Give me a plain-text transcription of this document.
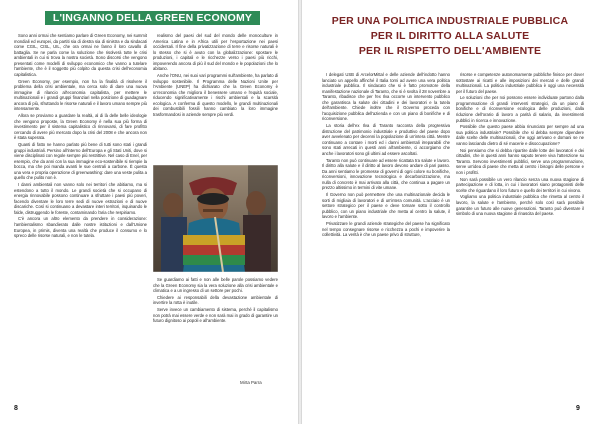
L'INGANNO DELLA GREEN ECONOMY

Sono anni ormai che sentiamo parlare di Green Economy, nei summit mondiali ed europei, da partiti sia di destra sia di sinistra e da sindacati come CGIL, CISL, UIL, che ora ormai ne fanno il loro cavallo di battaglia. Se ne parla come la soluzione che risolverà tutte le crisi ambientali in cui si trova la nostra società. Sono discorsi che vengono presentati come modelli di sviluppo economico che vanno a tutelare l'ambiente, che è il soggetto più colpito da questa crisi dell'economia capitalistica.

Green Economy, per esempio, non ha la finalità di risolvere il problema della crisi ambientale, ma cerca solo di dare una nuova immagine di rilancio all'economia capitalista, per mettere le multinazionali e i grandi gruppi finanziari nella posizione di guadagnare ancora di più, sfruttando le risorse naturali e il lavoro umano sempre più intensamente.

Allora se proviamo a guardare la realtà, al di là delle belle ideologie che vengono proposte, la Green Economy è nella sua più forma di investimento per il sistema capitalistico di rinnovarsi, di fare profitto cercando di avere più mercato dopo la crisi del 2008 e che ancora non è stata superata.

Quanti di fatto ne hanno parlato più bene di tutti sono stati i grandi gruppi industriali. Persino all'interno dell'Europa e gli Stati Uniti, dove si viene disciplinati con regole sempre più restrittive. Nel caso di Enel, per esempio, che da anni con la sua immagine eco-sostenibile si riempie la bocca, ma che poi manda avanti le sue centrali a carbone. È questa una vera e propria operazione di greenwashing: dare una veste pulita a quello che pulito non è.

I danni ambientali non vanno solo nei territori che abitiamo, ma si estendono a tutto il mondo. Le grandi società che si occupano di energia rinnovabile possono continuare a sfruttare i paesi più poveri, facendo diventare le loro terre sedi di nuove estrazioni e di nuove discariche. Così si continuano a devastare interi territori, inquinando le falde, distruggendo le foreste, contaminando l'aria che respiriamo.

C'è ancora un altro elemento da prendere in considerazione: l'ambientalismo sbandierato dalle nostre istituzioni e dall'Unione Europea, in primis, diventa una realtà che produce il consumo e lo spreco delle risorse naturali, e non le tutela.

realismo del paesi del sud del mondo delle monoculture in America Latina e in Africa utili per l'esportazione nei paesi occidentali. Il fine della privatizzazione di terre e risorse naturali è lo stesso che si è avuto con la globalizzazione: spostare le produzioni, i capitali e le ricchezze verso i paesi più ricchi, impoverendo ancora di più il sud del mondo e le popolazioni che lo abitano.

Anche l'ONU, nei suoi vari programmi sull'ambiente, ha parlato di sviluppo sostenibile. Il Programma delle Nazioni Unite per l'Ambiente (UNEP) ha dichiarato che la Green Economy è un'economia che migliora il benessere umano e l'equità sociale, riducendo significativamente i rischi ambientali e la scarsità ecologica. A conferma di questo modello, le grandi multinazionali dei combustibili fossili hanno cambiato la loro immagine trasformandosi in aziende sempre più verdi.

Se guardiamo ai fatti e non alle belle parole possiamo vedere che la Green Economy sia la vera soluzione alla crisi ambientale e climatica e a un ingresso di un settore per pochi.

Chiedere ai responsabili della devastazione ambientale di invertire la rotta è inutile.

Serve invece un cambiamento di sistema, perché il capitalismo non potrà mai essere verde e non sarà mai in grado di garantire un futuro dignitoso ai popoli e all'ambiente.

Mirta Parra
8
PER UNA POLITICA INDUSTRIALE PUBBLICA
PER IL DIRITTO ALLA SALUTE
PER IL RISPETTO DELL'AMBIENTE

I delegati USB di ArcelorMittal e delle aziende dell'indotto hanno lanciato un appello affinché il Italia torni ad avere una vera politica industriale pubblica. Il sindacato che si è fatto promotore della manifestazione nazionale di Taranto, che si è svolta il 28 novembre a Taranto, ribadisce che per l'ex Ilva occorre un intervento pubblico che garantisca la salute dei cittadini e dei lavoratori e la tutela dell'ambiente. Chiede inoltre che il Governo proceda con l'acquisizione pubblica dell'azienda e con un piano di bonifiche e di riconversione.

La storia dell'ex Ilva di Taranto racconta della progressiva distruzione del patrimonio industriale e produttivo del paese dopo aver avvelenato per decenni la popolazione di un'intera città. Mentre continuano a contare i morti ed i danni ambientali irreparabili che sono stati arrecati in questi anni all'ambiente, ci accorgiamo che anche i lavoratori sono gli ultimi ad essere ascoltati.

Taranto non può continuare ad essere ricattata tra salute e lavoro. Il diritto alla salute e il diritto al lavoro devono andare di pari passo. Da anni sentiamo le promesse di governi di ogni colore su bonifiche, riconversioni, innovazione tecnologica e decarbonizzazione, ma nulla di concreto è mai arrivato alla città, che continua a pagare un prezzo altissimo in termini di vite umane.

Il Governo non può permettere che una multinazionale decida le sorti di migliaia di lavoratori e di un'intera comunità. L'acciaio è un settore strategico per il paese e deve tornare sotto il controllo pubblico, con un piano industriale che metta al centro la salute, il lavoro e l'ambiente.

Privatizzare le grandi aziende strategiche del paese ha significato nel tempo consegnare risorse e ricchezza a pochi e impoverire la collettività. La verità è che un paese privo di strutture,

risorse e competenze autonomamente pubbliche finisce per dover sottostare ai ricatti e alle imposizioni dei mercati e delle grandi multinazionali. La politica industriale pubblica è oggi una necessità per il futuro del paese.

Le soluzioni che per noi possono essere individuate partono dalla programmazione di grandi interventi strategici, da un piano di bonifiche e di riconversione ecologica delle produzioni, dalla riduzione dell'orario di lavoro a parità di salario, da investimenti pubblici in ricerca e innovazione.

Possibile che questo paese abbia rinunciato per sempre ad una sua politica industriale? Possibile che si debba sempre dipendere dalle scelte delle multinazionali, che oggi arrivano e domani se ne vanno lasciando dietro di sé macerie e disoccupazione?

Noi pensiamo che si debba ripartire dalle lotte dei lavoratori e dei cittadini, che in questi anni hanno saputo tenere viva l'attenzione su Taranto. Servono investimenti pubblici, serve una programmazione, serve un'idea di paese che metta al centro i bisogni delle persone e non i profitti.

Non sarà possibile un vero rilancio senza una nuova stagione di partecipazione e di lotta, in cui i lavoratori siano protagonisti delle scelte che riguardano il loro futuro e quello dei territori in cui vivono.

Vogliamo una politica industriale pubblica che rimetta al centro il lavoro, la salute e l'ambiente, perché solo così sarà possibile garantire un futuro alle nuove generazioni. Taranto può diventare il simbolo di una nuova stagione di rinascita del paese.

9
